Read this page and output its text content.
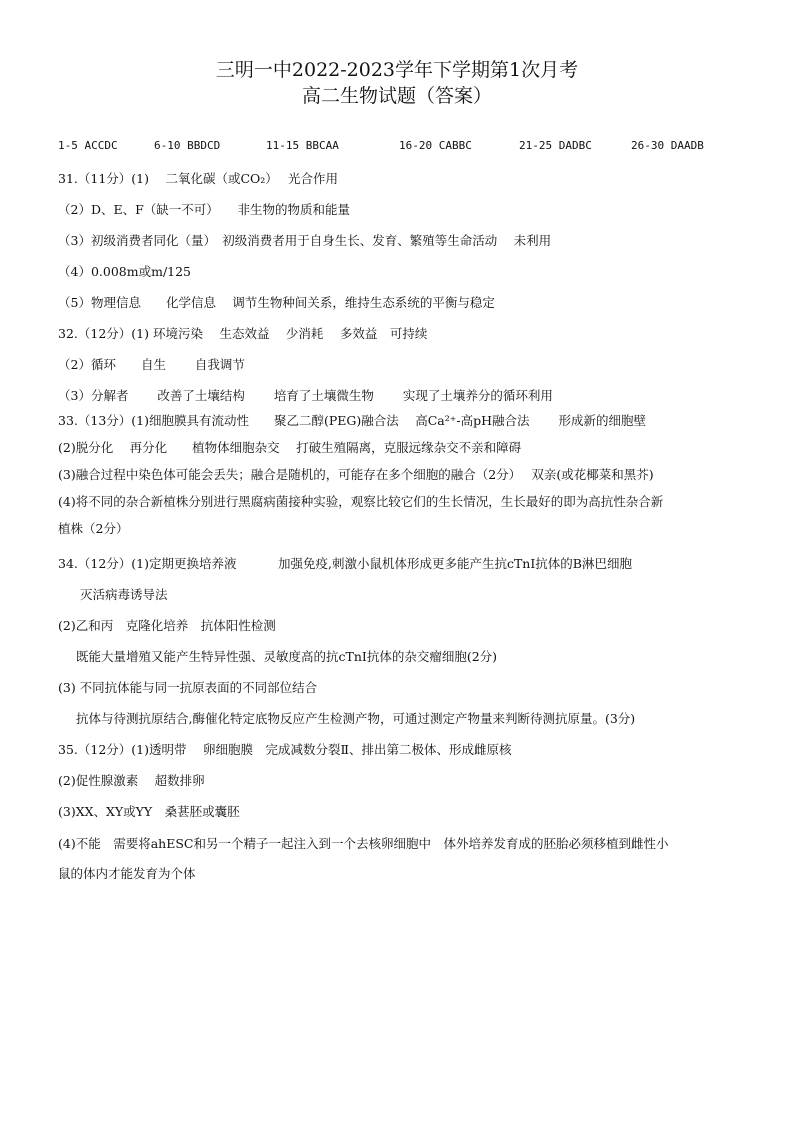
三明一中2022-2023学年下学期第1次月考
高二生物试题（答案）
1-5 ACCDC	6-10 BBDCD	11-15 BBCAA	16-20 CABBC	21-25 DADBC	26-30 DAADB
31.（11分）(1)　 二氧化碳（或CO₂）　 光合作用
（2）D、E、F（缺一不可）　　非生物的物质和能量
（3）初级消费者同化（量）　初级消费者用于自身生长、发育、繁殖等生命活动　 未利用
（4）0.008m或m/125
（5）物理信息　　化学信息　 调节生物种间关系，维持生态系统的平衡与稳定
32.（12分）(1) 环境污染　 生态效益　 少消耗　 多效益　可持续
（2）循环　　自生　　 自我调节
（3）分解者　　 改善了土壤结构　　 培育了土壤微生物　　 实现了土壤养分的循环利用
33.（13分）(1)细胞膜具有流动性　　聚乙二醇(PEG)融合法　 高Ca²⁺-高pH融合法　　 形成新的细胞壁
(2)脱分化　 再分化　　植物体细胞杂交　 打破生殖隔离，克服远缘杂交不亲和障碍
(3)融合过程中染色体可能会丢失；融合是随机的，可能存在多个细胞的融合（2分）　 双亲(或花椰菜和黑芥)
(4)将不同的杂合新植株分别进行黑腐病菌接种实验，观察比较它们的生长情况，生长最好的即为高抗性杂合新
植株（2分）
34.（12分）(1)定期更换培养液　　　 加强免疫,刺激小鼠机体形成更多能产生抗cTnI抗体的B淋巴细胞
灭活病毒诱导法
(2)乙和丙　克隆化培养　抗体阳性检测
既能大量增殖又能产生特异性强、灵敏度高的抗cTnI抗体的杂交瘤细胞(2分)
(3) 不同抗体能与同一抗原表面的不同部位结合
抗体与待测抗原结合,酶催化特定底物反应产生检测产物，可通过测定产物量来判断待测抗原量。(3分)
35.（12分）(1)透明带　 卵细胞膜　完成减数分裂Ⅱ、排出第二极体、形成雌原核
(2)促性腺激素　 超数排卵
(3)XX、XY或YY　桑葚胚或囊胚
(4)不能　需要将ahESC和另一个精子一起注入到一个去核卵细胞中　体外培养发育成的胚胎必须移植到雌性小
鼠的体内才能发育为个体
